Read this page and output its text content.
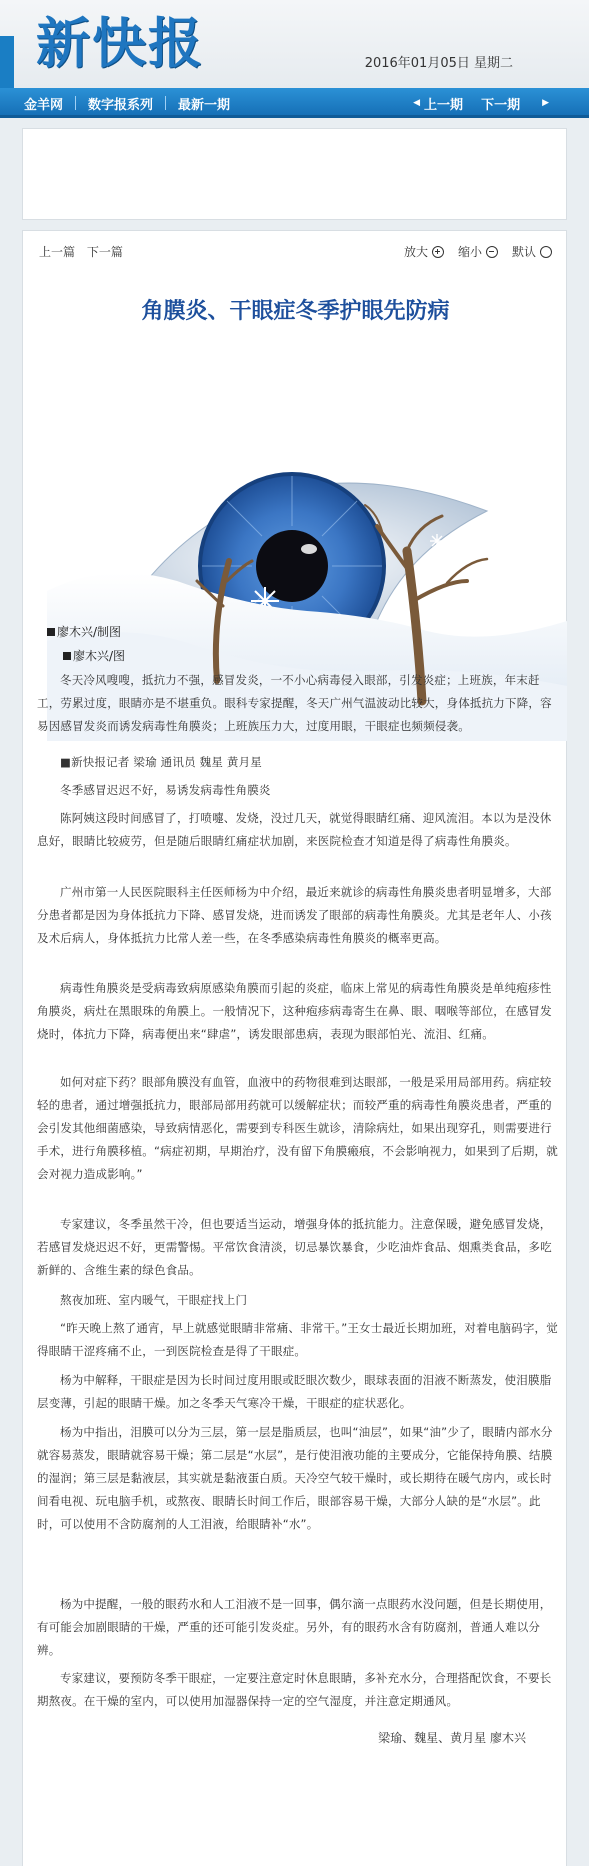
新快报	2016年01月05日 星期二
金羊网 数字报系列 最新一期	◀ 上一期 下一期 ▶
上一篇 下一篇	放大	缩小	默认
角膜炎、干眼症冬季护眼先防病
廖木兴/制图
廖木兴/图
冬天冷风嗖嗖，抵抗力不强，感冒发炎，一不小心病毒侵入眼部，引发炎症；上班族，年末赶工，劳累过度，眼睛亦是不堪重负。眼科专家提醒，冬天广州气温波动比较大，身体抵抗力下降，容易因感冒发炎而诱发病毒性角膜炎；上班族压力大，过度用眼，干眼症也频频侵袭。
■新快报记者 梁瑜 通讯员 魏星 黄月星
冬季感冒迟迟不好，易诱发病毒性角膜炎
陈阿姨这段时间感冒了，打喷嚏、发烧，没过几天，就觉得眼睛红痛、迎风流泪。本以为是没休息好，眼睛比较疲劳，但是随后眼睛红痛症状加剧，来医院检查才知道是得了病毒性角膜炎。
广州市第一人民医院眼科主任医师杨为中介绍，最近来就诊的病毒性角膜炎患者明显增多，大部分患者都是因为身体抵抗力下降、感冒发烧，进而诱发了眼部的病毒性角膜炎。尤其是老年人、小孩及术后病人，身体抵抗力比常人差一些，在冬季感染病毒性角膜炎的概率更高。
病毒性角膜炎是受病毒致病原感染角膜而引起的炎症，临床上常见的病毒性角膜炎是单纯疱疹性角膜炎，病灶在黑眼珠的角膜上。一般情况下，这种疱疹病毒寄生在鼻、眼、咽喉等部位，在感冒发烧时，体抗力下降，病毒便出来“肆虐”，诱发眼部患病，表现为眼部怕光、流泪、红痛。
如何对症下药？眼部角膜没有血管，血液中的药物很难到达眼部，一般是采用局部用药。病症较轻的患者，通过增强抵抗力，眼部局部用药就可以缓解症状；而较严重的病毒性角膜炎患者，严重的会引发其他细菌感染，导致病情恶化，需要到专科医生就诊，清除病灶，如果出现穿孔，则需要进行手术，进行角膜移植。“病症初期，早期治疗，没有留下角膜瘢痕，不会影响视力，如果到了后期，就会对视力造成影响。”
专家建议，冬季虽然干冷，但也要适当运动，增强身体的抵抗能力。注意保暖，避免感冒发烧，若感冒发烧迟迟不好，更需警惕。平常饮食清淡，切忌暴饮暴食，少吃油炸食品、烟熏类食品，多吃新鲜的、含维生素的绿色食品。
熬夜加班、室内暖气，干眼症找上门
“昨天晚上熬了通宵，早上就感觉眼睛非常痛、非常干。”王女士最近长期加班，对着电脑码字，觉得眼睛干涩疼痛不止，一到医院检查是得了干眼症。
杨为中解释，干眼症是因为长时间过度用眼或眨眼次数少，眼球表面的泪液不断蒸发，使泪膜脂层变薄，引起的眼睛干燥。加之冬季天气寒冷干燥，干眼症的症状恶化。
杨为中指出，泪膜可以分为三层，第一层是脂质层，也叫“油层”，如果“油”少了，眼睛内部水分就容易蒸发，眼睛就容易干燥；第二层是“水层”，是行使泪液功能的主要成分，它能保持角膜、结膜的湿润；第三层是黏液层，其实就是黏液蛋白质。天冷空气较干燥时，或长期待在暖气房内，或长时间看电视、玩电脑手机，或熬夜、眼睛长时间工作后，眼部容易干燥，大部分人缺的是“水层”。此时，可以使用不含防腐剂的人工泪液，给眼睛补“水”。
杨为中提醒，一般的眼药水和人工泪液不是一回事，偶尔滴一点眼药水没问题，但是长期使用，有可能会加剧眼睛的干燥，严重的还可能引发炎症。另外，有的眼药水含有防腐剂，普通人难以分辨。
专家建议，要预防冬季干眼症，一定要注意定时休息眼睛，多补充水分，合理搭配饮食，不要长期熬夜。在干燥的室内，可以使用加湿器保持一定的空气湿度，并注意定期通风。
梁瑜、魏星、黄月星 廖木兴
